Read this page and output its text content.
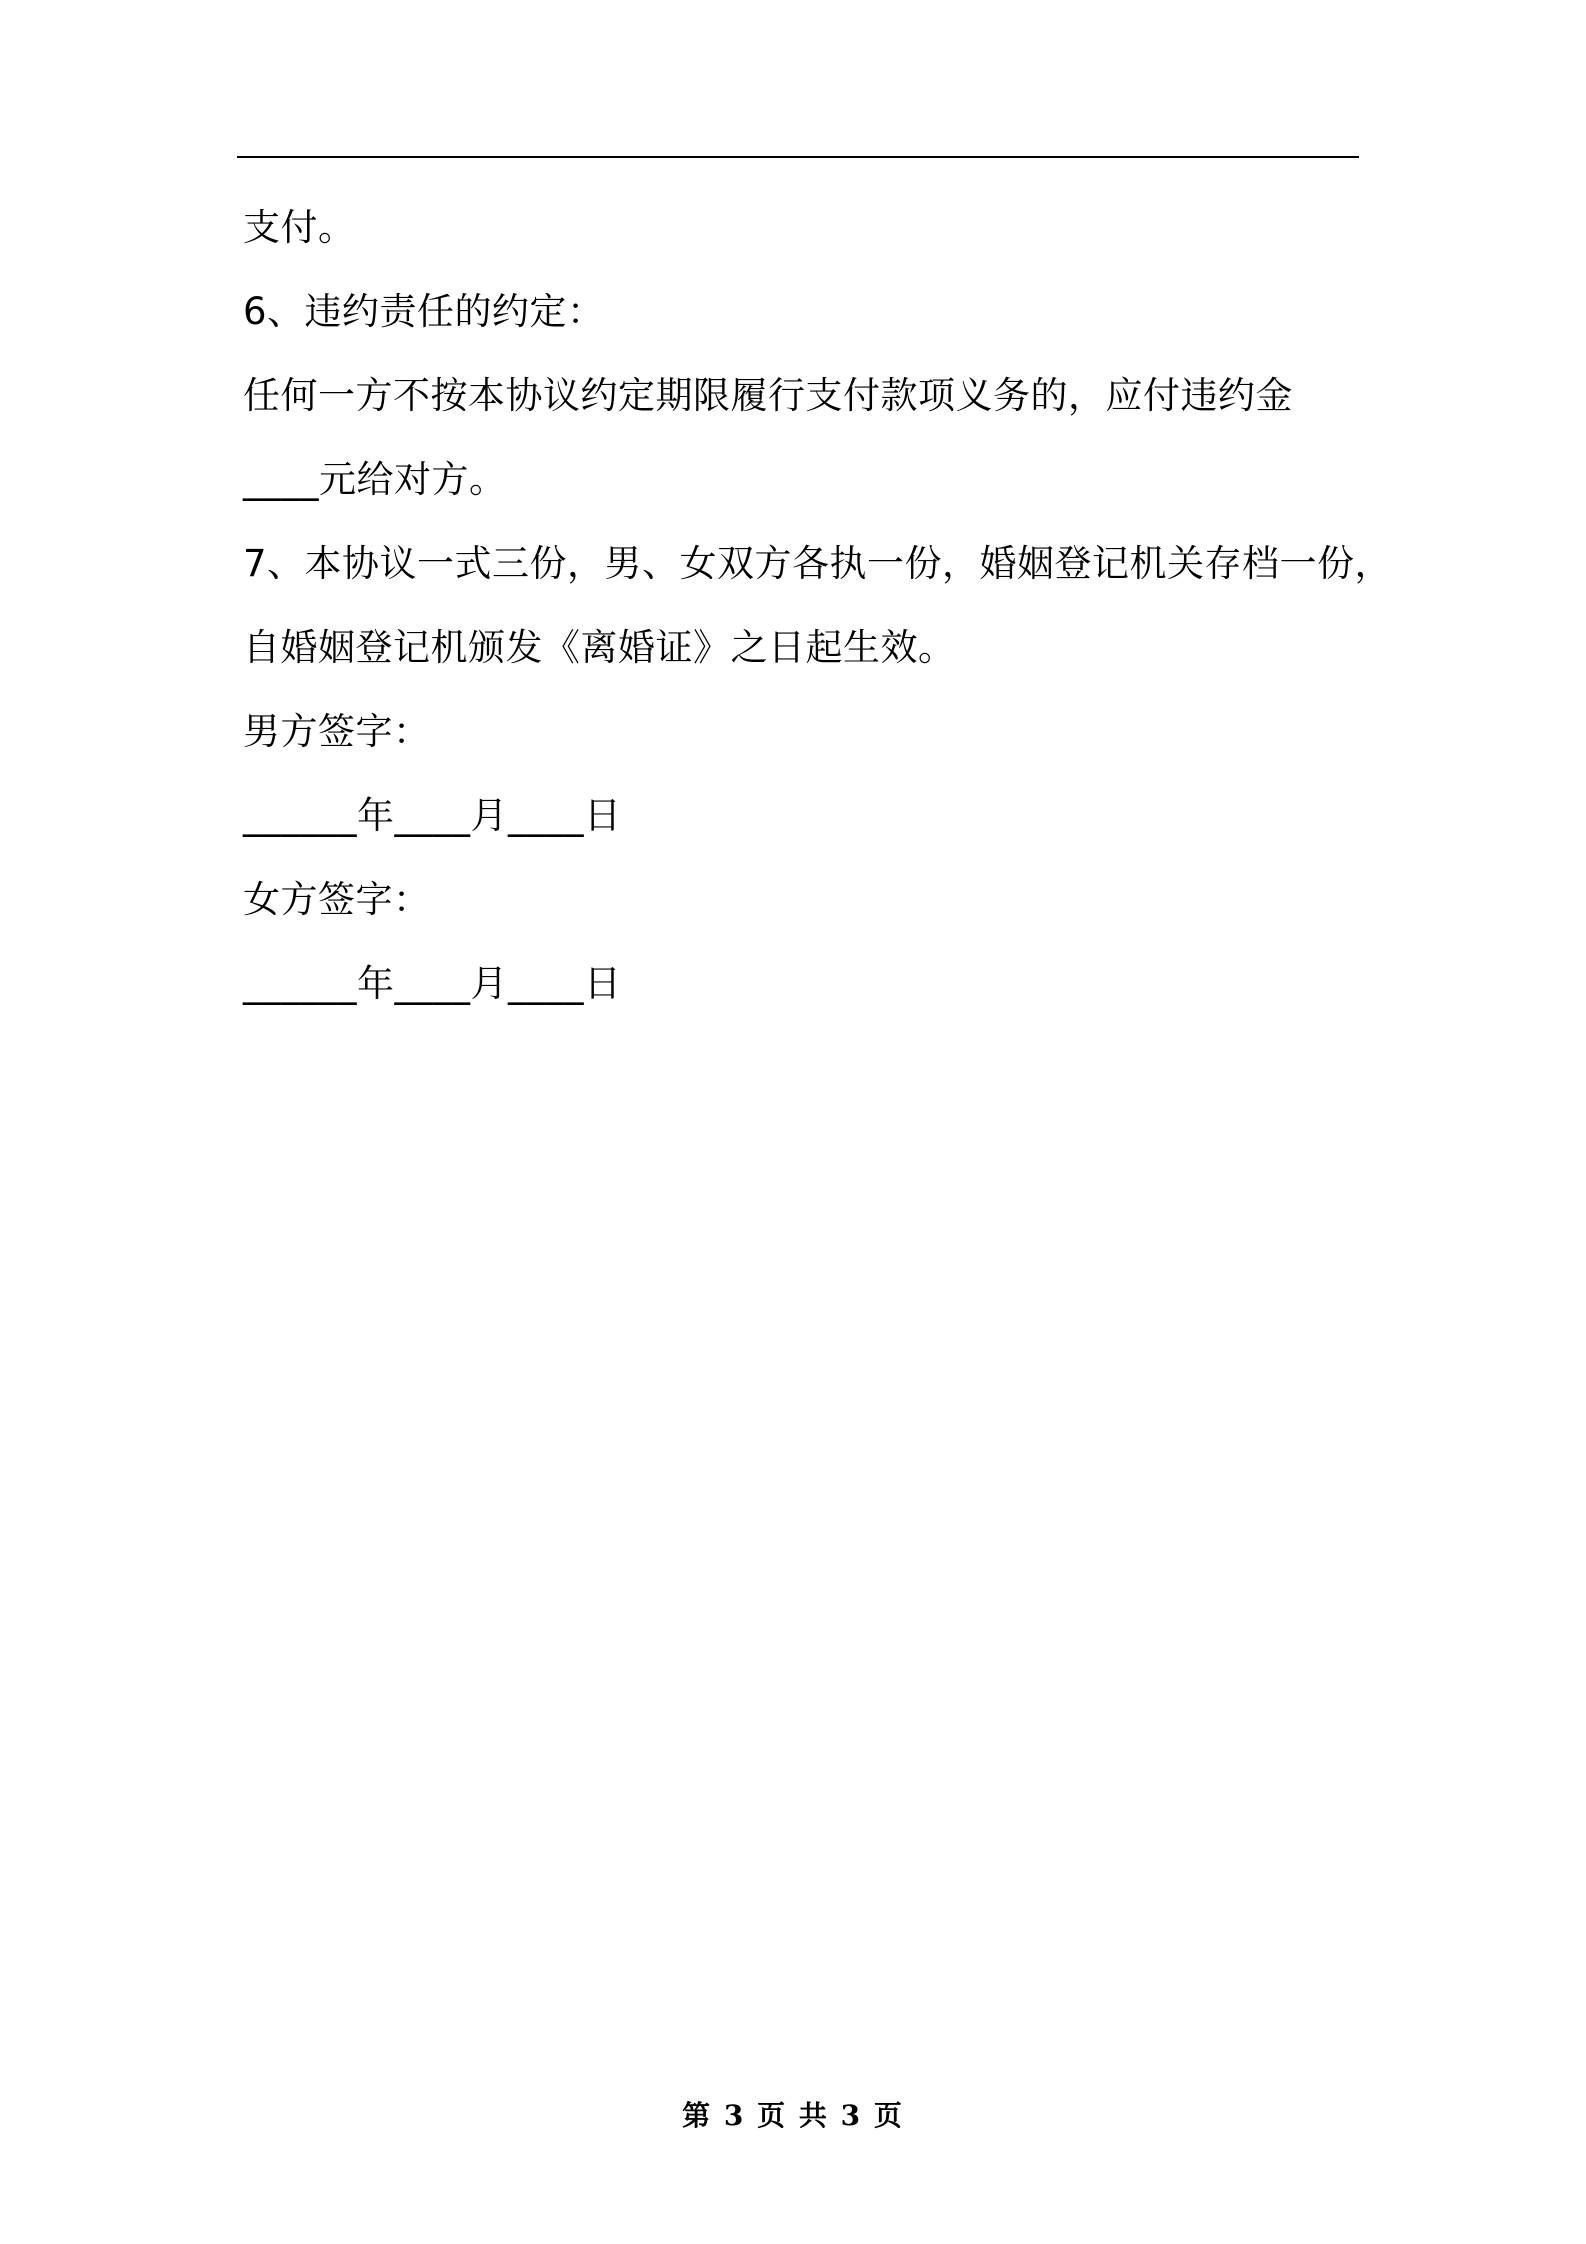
支付。
6、违约责任的约定：
任何一方不按本协议约定期限履行支付款项义务的，应付违约金
____元给对方。
7、本协议一式三份，男、女双方各执一份，婚姻登记机关存档一份，
自婚姻登记机颁发《离婚证》之日起生效。
男方签字：
______年____月____日
女方签字：
______年____月____日
第 3 页 共 3 页
